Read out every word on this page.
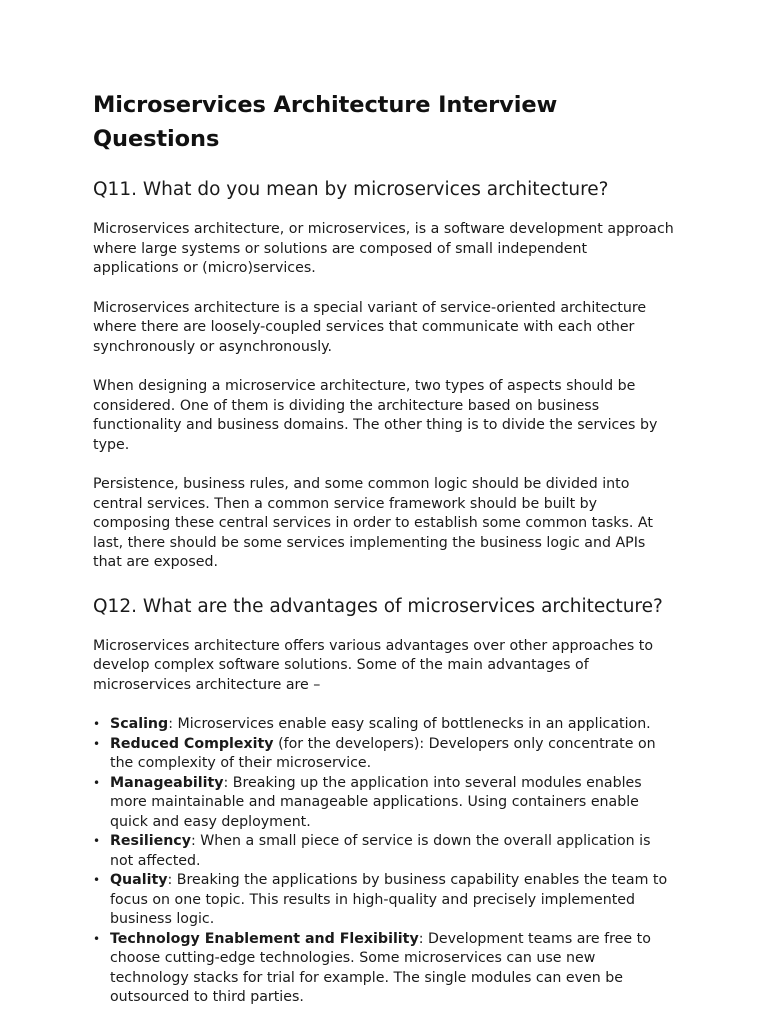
Microservices Architecture Interview Questions
Q11. What do you mean by microservices architecture?

Microservices architecture, or microservices, is a software development approach where large systems or solutions are composed of small independent applications or (micro)services.

Microservices architecture is a special variant of service-oriented architecture where there are loosely-coupled services that communicate with each other synchronously or asynchronously.

When designing a microservice architecture, two types of aspects should be considered. One of them is dividing the architecture based on business functionality and business domains. The other thing is to divide the services by type.

Persistence, business rules, and some common logic should be divided into central services. Then a common service framework should be built by composing these central services in order to establish some common tasks. At last, there should be some services implementing the business logic and APIs that are exposed.

Q12. What are the advantages of microservices architecture?

Microservices architecture offers various advantages over other approaches to develop complex software solutions. Some of the main advantages of microservices architecture are –

• Scaling: Microservices enable easy scaling of bottlenecks in an application.
• Reduced Complexity (for the developers): Developers only concentrate on the complexity of their microservice.
• Manageability: Breaking up the application into several modules enables more maintainable and manageable applications. Using containers enable quick and easy deployment.
• Resiliency: When a small piece of service is down the overall application is not affected.
• Quality: Breaking the applications by business capability enables the team to focus on one topic. This results in high-quality and precisely implemented business logic.
• Technology Enablement and Flexibility: Development teams are free to choose cutting-edge technologies. Some microservices can use new technology stacks for trial for example. The single modules can even be outsourced to third parties.
